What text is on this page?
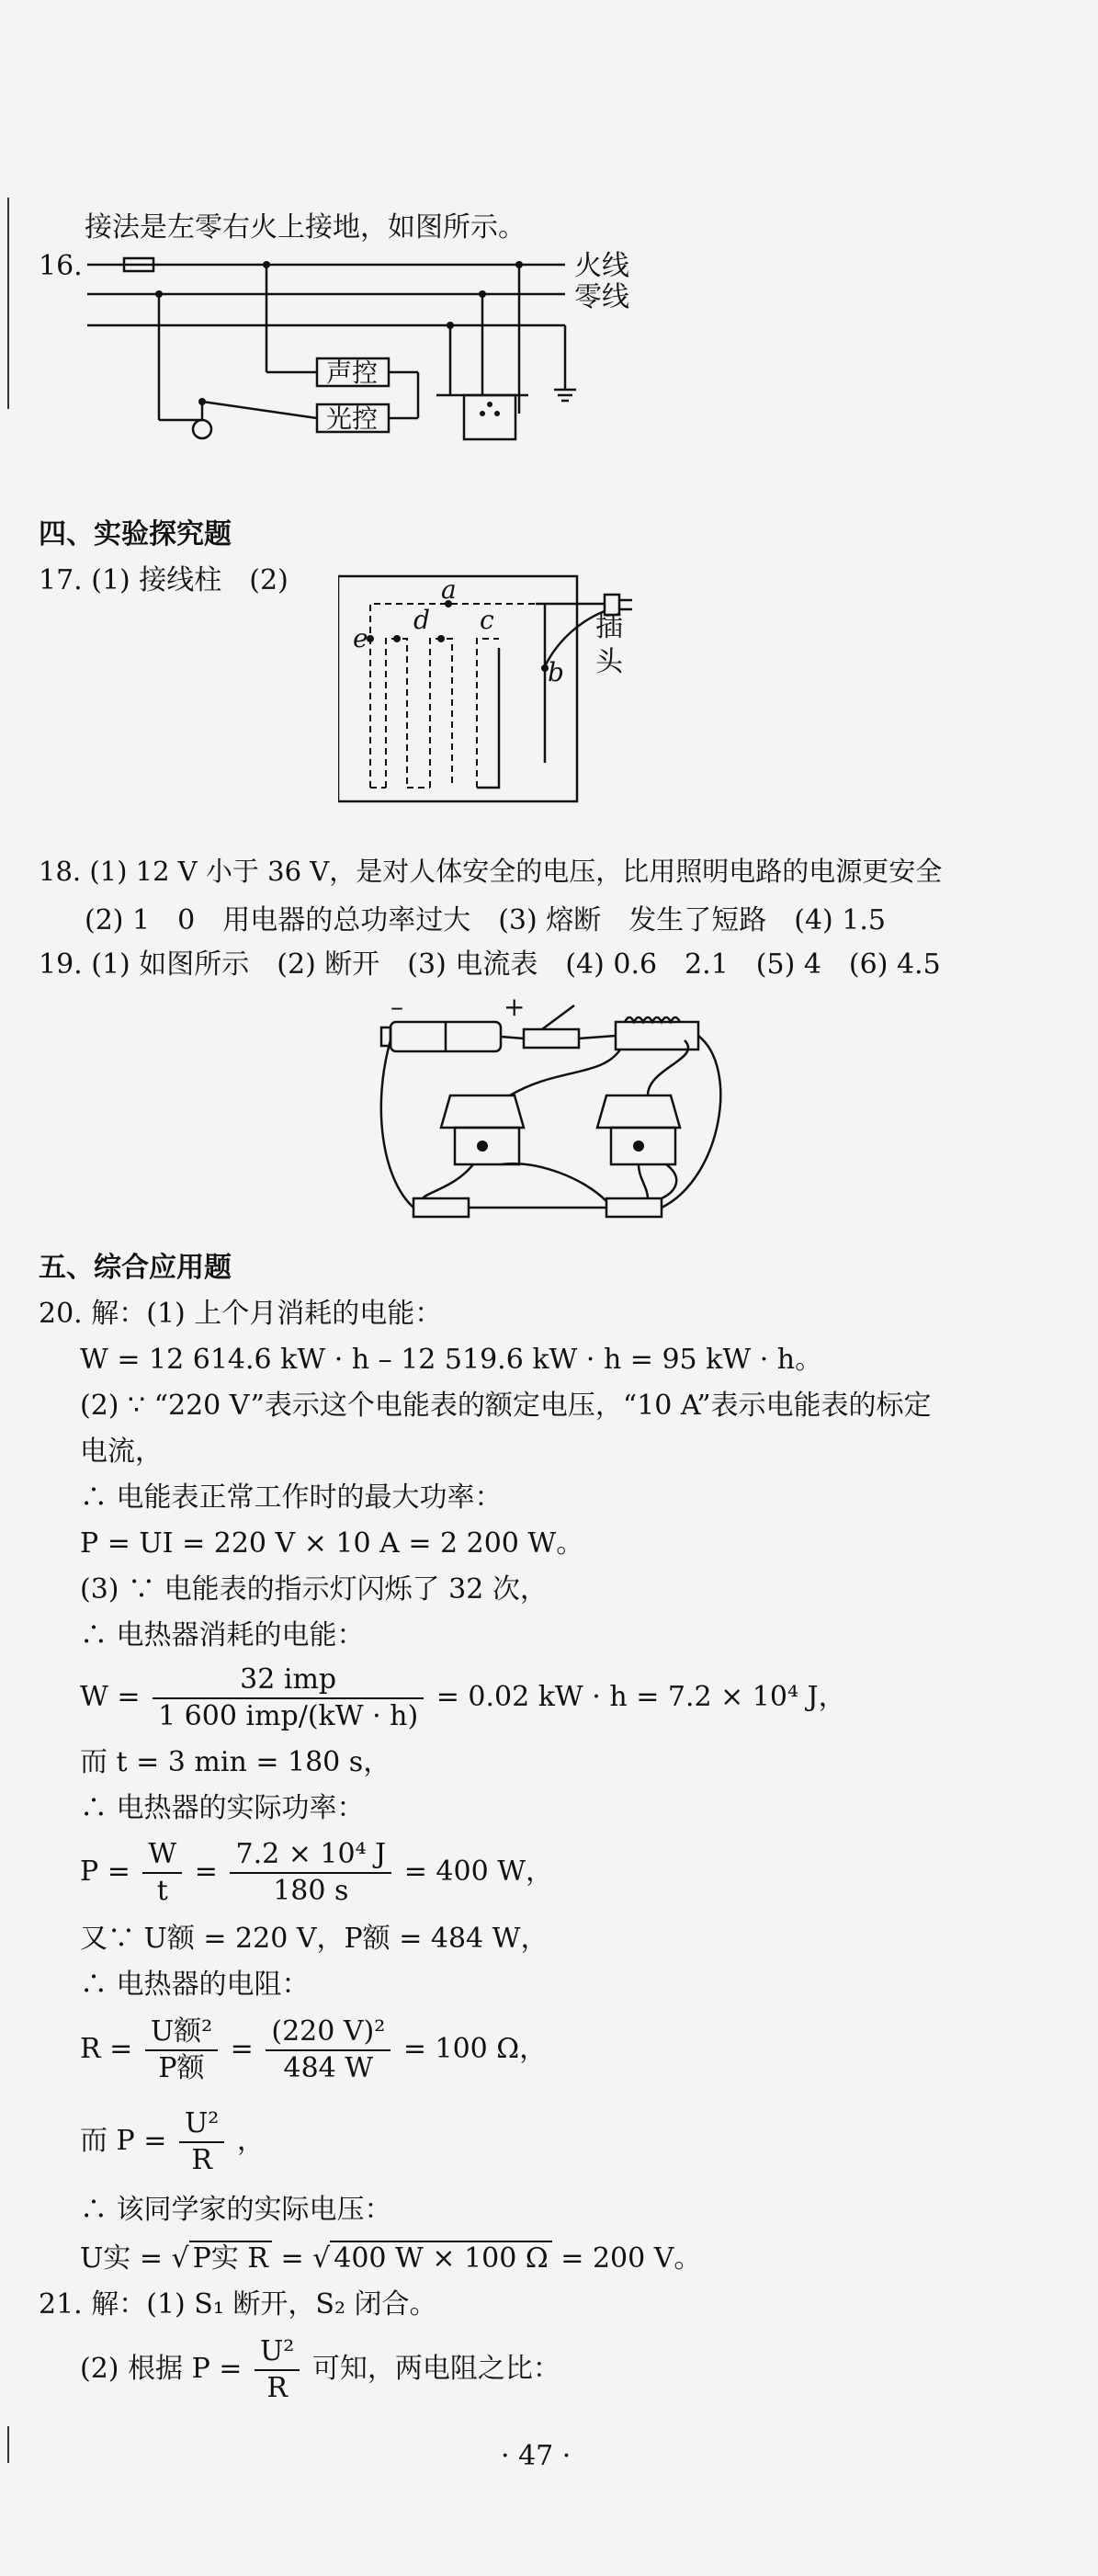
接法是左零右火上接地，如图所示。
16.	火线
零线
声控
光控
四、实验探究题
17. (1) 接线柱　(2)	a
d c
e
b
插
头
18. (1) 12 V 小于 36 V，是对人体安全的电压，比用照明电路的电源更安全
(2) 1　0　用电器的总功率过大　(3) 熔断　发生了短路　(4) 1.5
19. (1) 如图所示　(2) 断开　(3) 电流表　(4) 0.6　2.1　(5) 4　(6) 4.5
–	+
五、综合应用题
20. 解：(1) 上个月消耗的电能：
W = 12 614.6 kW · h – 12 519.6 kW · h = 95 kW · h。
(2) ∵ “220 V”表示这个电能表的额定电压，“10 A”表示电能表的标定
电流，
∴ 电能表正常工作时的最大功率：
P = UI = 220 V × 10 A = 2 200 W。
(3) ∵ 电能表的指示灯闪烁了 32 次，
∴ 电热器消耗的电能：
$W = \frac{\text{32 imp}}{\text{1 600 imp/(kW · h)}} = 0.02$ kW · h = 7.2 × 10⁴ J，
而 t = 3 min = 180 s，
∴ 电热器的实际功率：
$P = \frac{W}{t} = \frac{\text{7.2 × 10⁴ J}}{180 s} = 400$ W，
又∵ U额 = 220 V，P额 = 484 W，
∴ 电热器的电阻：
$R = \frac{\text{U额²}}{\text{P额}} = \frac{\text{(220 V)²}}{484 W} = 100$ Ω，
而 $P = \frac{\text{U²}}{R}$ ，
∴ 该同学家的实际电压：
U实 = √ P实 R = √ 400 W × 100 Ω = 200 V。
21. 解：(1) S₁ 断开，S₂ 闭合。
(2) 根据 $P = \frac{\text{U²}}{R}$ 可知，两电阻之比：
· 47 ·
